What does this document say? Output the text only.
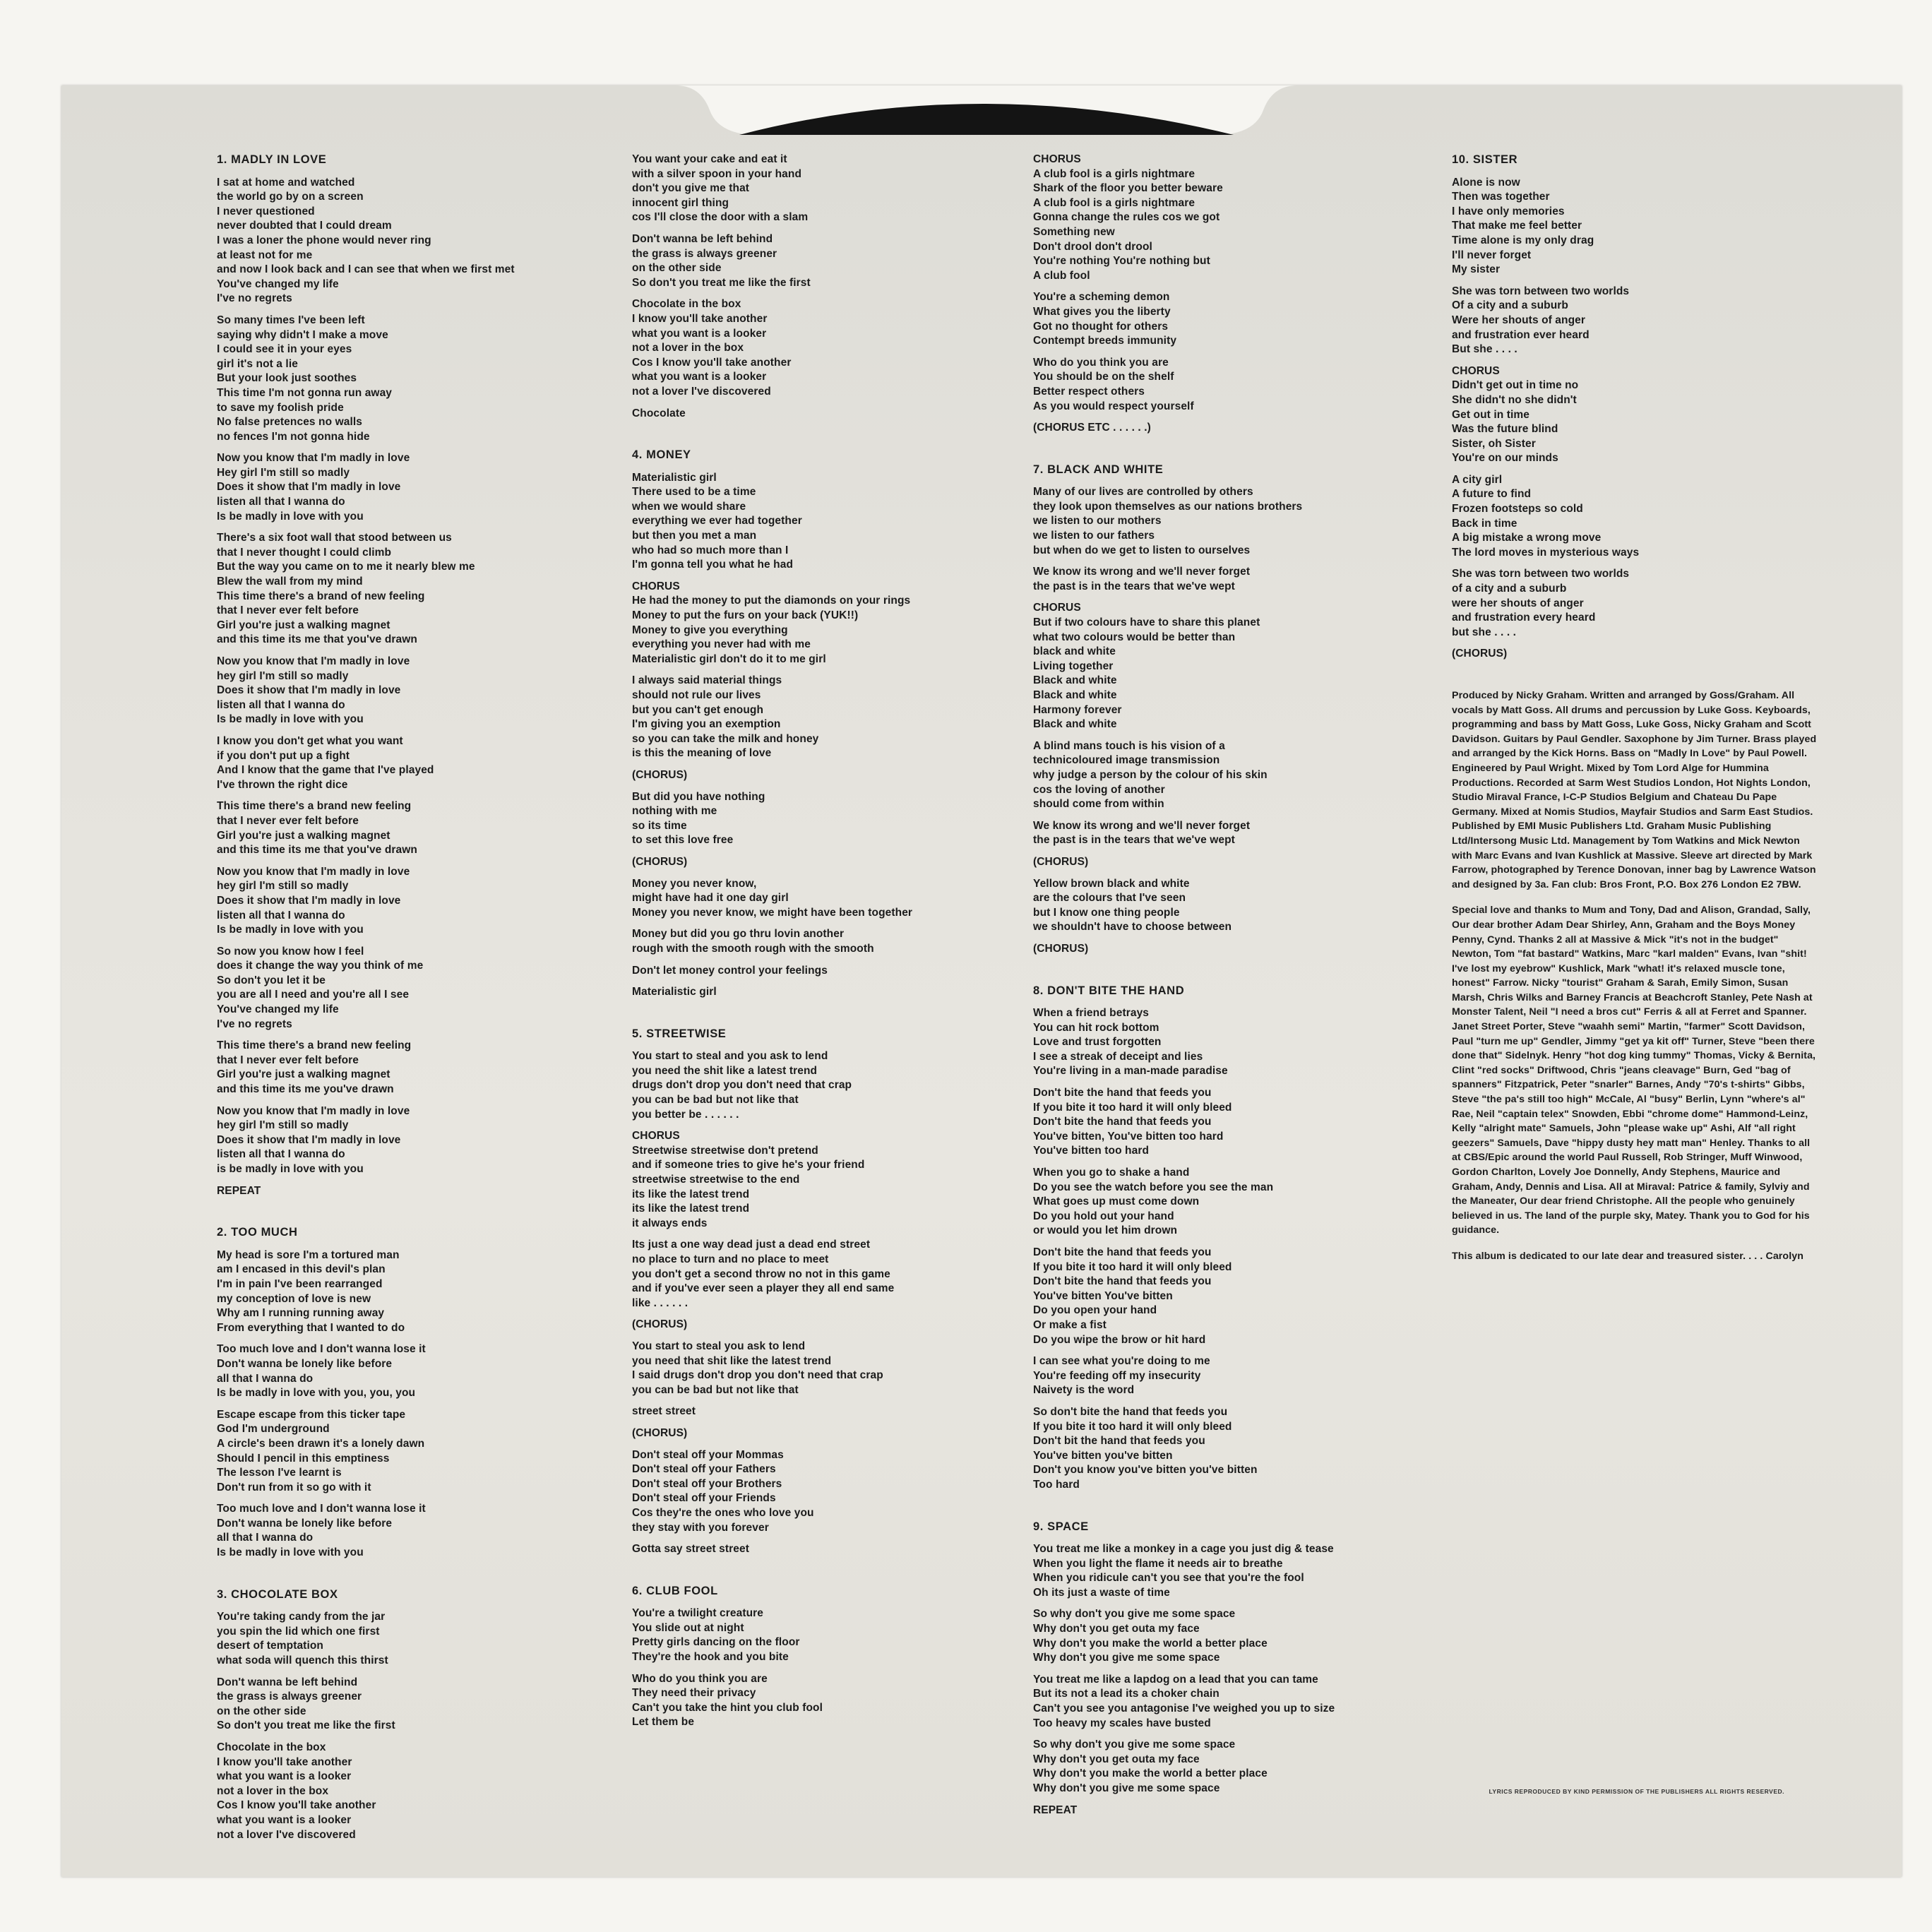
1. MADLY IN LOVE
I sat at home and watched
the world go by on a screen
I never questioned
never doubted that I could dream
I was a loner the phone would never ring
at least not for me
and now I look back and I can see that when we first met
You've changed my life
I've no regrets
So many times I've been left
saying why didn't I make a move
I could see it in your eyes
girl it's not a lie
But your look just soothes
This time I'm not gonna run away
to save my foolish pride
No false pretences no walls
no fences I'm not gonna hide
Now you know that I'm madly in love
Hey girl I'm still so madly
Does it show that I'm madly in love
listen all that I wanna do
Is be madly in love with you
There's a six foot wall that stood between us
that I never thought I could climb
But the way you came on to me it nearly blew me
Blew the wall from my mind
This time there's a brand of new feeling
that I never ever felt before
Girl you're just a walking magnet
and this time its me that you've drawn
Now you know that I'm madly in love
hey girl I'm still so madly
Does it show that I'm madly in love
listen all that I wanna do
Is be madly in love with you
I know you don't get what you want
if you don't put up a fight
And I know that the game that I've played
I've thrown the right dice
This time there's a brand new feeling
that I never ever felt before
Girl you're just a walking magnet
and this time its me that you've drawn
Now you know that I'm madly in love
hey girl I'm still so madly
Does it show that I'm madly in love
listen all that I wanna do
Is be madly in love with you
So now you know how I feel
does it change the way you think of me
So don't you let it be
you are all I need and you're all I see
You've changed my life
I've no regrets
This time there's a brand new feeling
that I never ever felt before
Girl you're just a walking magnet
and this time its me you've drawn
Now you know that I'm madly in love
hey girl I'm still so madly
Does it show that I'm madly in love
listen all that I wanna do
is be madly in love with you
REPEAT
2. TOO MUCH
My head is sore I'm a tortured man
am I encased in this devil's plan
I'm in pain I've been rearranged
my conception of love is new
Why am I running running away
From everything that I wanted to do
Too much love and I don't wanna lose it
Don't wanna be lonely like before
all that I wanna do
Is be madly in love with you, you, you
Escape escape from this ticker tape
God I'm underground
A circle's been drawn it's a lonely dawn
Should I pencil in this emptiness
The lesson I've learnt is
Don't run from it so go with it
Too much love and I don't wanna lose it
Don't wanna be lonely like before
all that I wanna do
Is be madly in love with you
3. CHOCOLATE BOX
You're taking candy from the jar
you spin the lid which one first
desert of temptation
what soda will quench this thirst
Don't wanna be left behind
the grass is always greener
on the other side
So don't you treat me like the first
Chocolate in the box
I know you'll take another
what you want is a looker
not a lover in the box
Cos I know you'll take another
what you want is a looker
not a lover I've discovered
You want your cake and eat it
with a silver spoon in your hand
don't you give me that
innocent girl thing
cos I'll close the door with a slam
Don't wanna be left behind
the grass is always greener
on the other side
So don't you treat me like the first
Chocolate in the box
I know you'll take another
what you want is a looker
not a lover in the box
Cos I know you'll take another
what you want is a looker
not a lover I've discovered
Chocolate
4. MONEY
Materialistic girl
There used to be a time
when we would share
everything we ever had together
but then you met a man
who had so much more than I
I'm gonna tell you what he had
CHORUS
He had the money to put the diamonds on your rings
Money to put the furs on your back (YUK!!)
Money to give you everything
everything you never had with me
Materialistic girl don't do it to me girl
I always said material things
should not rule our lives
but you can't get enough
I'm giving you an exemption
so you can take the milk and honey
is this the meaning of love
(CHORUS)
But did you have nothing
nothing with me
so its time
to set this love free
(CHORUS)
Money you never know,
might have had it one day girl
Money you never know, we might have been together
Money but did you go thru lovin another
rough with the smooth rough with the smooth
Don't let money control your feelings
Materialistic girl
5. STREETWISE
You start to steal and you ask to lend
you need the shit like a latest trend
drugs don't drop you don't need that crap
you can be bad but not like that
you better be . . . . . .
CHORUS
Streetwise streetwise don't pretend
and if someone tries to give he's your friend
streetwise streetwise to the end
its like the latest trend
its like the latest trend
it always ends
Its just a one way dead just a dead end street
no place to turn and no place to meet
you don't get a second throw no not in this game
and if you've ever seen a player they all end same
like . . . . . .
(CHORUS)
You start to steal you ask to lend
you need that shit like the latest trend
I said drugs don't drop you don't need that crap
you can be bad but not like that
street street
(CHORUS)
Don't steal off your Mommas
Don't steal off your Fathers
Don't steal off your Brothers
Don't steal off your Friends
Cos they're the ones who love you
they stay with you forever
Gotta say street street
6. CLUB FOOL
You're a twilight creature
You slide out at night
Pretty girls dancing on the floor
They're the hook and you bite
Who do you think you are
They need their privacy
Can't you take the hint you club fool
Let them be
CHORUS
A club fool is a girls nightmare
Shark of the floor you better beware
A club fool is a girls nightmare
Gonna change the rules cos we got
Something new
Don't drool don't drool
You're nothing You're nothing but
A club fool
You're a scheming demon
What gives you the liberty
Got no thought for others
Contempt breeds immunity
Who do you think you are
You should be on the shelf
Better respect others
As you would respect yourself
(CHORUS ETC . . . . . .)
7. BLACK AND WHITE
Many of our lives are controlled by others
they look upon themselves as our nations brothers
we listen to our mothers
we listen to our fathers
but when do we get to listen to ourselves
We know its wrong and we'll never forget
the past is in the tears that we've wept
CHORUS
But if two colours have to share this planet
what two colours would be better than
black and white
Living together
Black and white
Black and white
Harmony forever
Black and white
A blind mans touch is his vision of a
technicoloured image transmission
why judge a person by the colour of his skin
cos the loving of another
should come from within
We know its wrong and we'll never forget
the past is in the tears that we've wept
(CHORUS)
Yellow brown black and white
are the colours that I've seen
but I know one thing people
we shouldn't have to choose between
(CHORUS)
8. DON'T BITE THE HAND
When a friend betrays
You can hit rock bottom
Love and trust forgotten
I see a streak of deceipt and lies
You're living in a man-made paradise
Don't bite the hand that feeds you
If you bite it too hard it will only bleed
Don't bite the hand that feeds you
You've bitten, You've bitten too hard
You've bitten too hard
When you go to shake a hand
Do you see the watch before you see the man
What goes up must come down
Do you hold out your hand
or would you let him drown
Don't bite the hand that feeds you
If you bite it too hard it will only bleed
Don't bite the hand that feeds you
You've bitten You've bitten
Do you open your hand
Or make a fist
Do you wipe the brow or hit hard
I can see what you're doing to me
You're feeding off my insecurity
Naivety is the word
So don't bite the hand that feeds you
If you bite it too hard it will only bleed
Don't bit the hand that feeds you
You've bitten you've bitten
Don't you know you've bitten you've bitten
Too hard
9. SPACE
You treat me like a monkey in a cage you just dig & tease
When you light the flame it needs air to breathe
When you ridicule can't you see that you're the fool
Oh its just a waste of time
So why don't you give me some space
Why don't you get outa my face
Why don't you make the world a better place
Why don't you give me some space
You treat me like a lapdog on a lead that you can tame
But its not a lead its a choker chain
Can't you see you antagonise I've weighed you up to size
Too heavy my scales have busted
So why don't you give me some space
Why don't you get outa my face
Why don't you make the world a better place
Why don't you give me some space
REPEAT
10. SISTER
Alone is now
Then was together
I have only memories
That make me feel better
Time alone is my only drag
I'll never forget
My sister
She was torn between two worlds
Of a city and a suburb
Were her shouts of anger
and frustration ever heard
But she . . . .
CHORUS
Didn't get out in time no
She didn't no she didn't
Get out in time
Was the future blind
Sister, oh Sister
You're on our minds
A city girl
A future to find
Frozen footsteps so cold
Back in time
A big mistake a wrong move
The lord moves in mysterious ways
She was torn between two worlds
of a city and a suburb
were her shouts of anger
and frustration every heard
but she . . . .
(CHORUS)

Produced by Nicky Graham. Written and arranged by Goss/Graham. All vocals by Matt Goss. All drums and percussion by Luke Goss. Keyboards, programming and bass by Matt Goss, Luke Goss, Nicky Graham and Scott Davidson. Guitars by Paul Gendler. Saxophone by Jim Turner. Brass played and arranged by the Kick Horns. Bass on "Madly In Love" by Paul Powell. Engineered by Paul Wright. Mixed by Tom Lord Alge for Hummina Productions. Recorded at Sarm West Studios London, Hot Nights London, Studio Miraval France, I-C-P Studios Belgium and Chateau Du Pape Germany. Mixed at Nomis Studios, Mayfair Studios and Sarm East Studios. Published by EMI Music Publishers Ltd. Graham Music Publishing Ltd/Intersong Music Ltd. Management by Tom Watkins and Mick Newton with Marc Evans and Ivan Kushlick at Massive. Sleeve art directed by Mark Farrow, photographed by Terence Donovan, inner bag by Lawrence Watson and designed by 3a. Fan club: Bros Front, P.O. Box 276 London E2 7BW.

Special love and thanks to Mum and Tony, Dad and Alison, Grandad, Sally, Our dear brother Adam Dear Shirley, Ann, Graham and the Boys Money Penny, Cynd. Thanks 2 all at Massive & Mick "it's not in the budget" Newton, Tom "fat bastard" Watkins, Marc "karl malden" Evans, Ivan "shit! I've lost my eyebrow" Kushlick, Mark "what! it's relaxed muscle tone, honest" Farrow. Nicky "tourist" Graham & Sarah, Emily Simon, Susan Marsh, Chris Wilks and Barney Francis at Beachcroft Stanley, Pete Nash at Monster Talent, Neil "I need a bros cut" Ferris & all at Ferret and Spanner. Janet Street Porter, Steve "waahh semi" Martin, "farmer" Scott Davidson, Paul "turn me up" Gendler, Jimmy "get ya kit off" Turner, Steve "been there done that" Sidelnyk. Henry "hot dog king tummy" Thomas, Vicky & Bernita, Clint "red socks" Driftwood, Chris "jeans cleavage" Burn, Ged "bag of spanners" Fitzpatrick, Peter "snarler" Barnes, Andy "70's t-shirts" Gibbs, Steve "the pa's still too high" McCale, Al "busy" Berlin, Lynn "where's al" Rae, Neil "captain telex" Snowden, Ebbi "chrome dome" Hammond-Leinz, Kelly "alright mate" Samuels, John "please wake up" Ashi, Alf "all right geezers" Samuels, Dave "hippy dusty hey matt man" Henley. Thanks to all at CBS/Epic around the world Paul Russell, Rob Stringer, Muff Winwood, Gordon Charlton, Lovely Joe Donnelly, Andy Stephens, Maurice and Graham, Andy, Dennis and Lisa. All at Miraval: Patrice & family, Sylviy and the Maneater, Our dear friend Christophe. All the people who genuinely believed in us. The land of the purple sky, Matey. Thank you to God for his guidance.

This album is dedicated to our late dear and treasured sister. . . . Carolyn

LYRICS REPRODUCED BY KIND PERMISSION OF THE PUBLISHERS ALL RIGHTS RESERVED.
